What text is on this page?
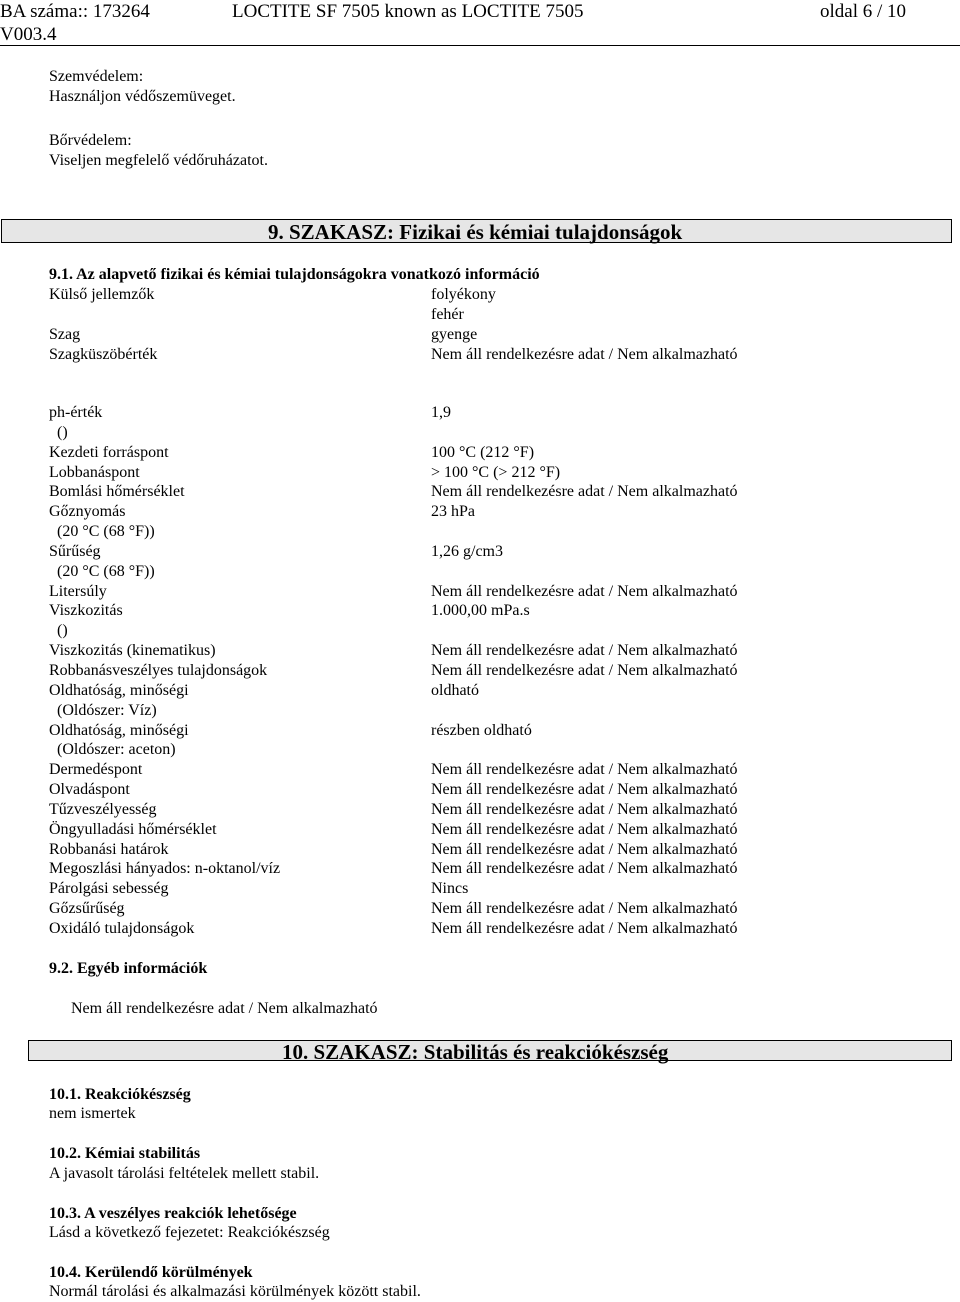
BA száma:: 173264	LOCTITE SF 7505 known as LOCTITE 7505	oldal 6 / 10
V003.4
Szemvédelem:
Használjon védőszemüveget.
Bőrvédelem:
Viseljen megfelelő védőruházatot.
9. SZAKASZ: Fizikai és kémiai tulajdonságok
9.1. Az alapvető fizikai és kémiai tulajdonságokra vonatkozó információ
Külső jellemzők	folyékony
fehér
Szag	gyenge
Szagküszöbérték	Nem áll rendelkezésre adat / Nem alkalmazható
ph-érték	1,9
()
Kezdeti forráspont	100 °C (212 °F)
Lobbanáspont	> 100 °C (> 212 °F)
Bomlási hőmérséklet	Nem áll rendelkezésre adat / Nem alkalmazható
Gőznyomás	23 hPa
(20 °C (68 °F))
Sűrűség	1,26 g/cm3
(20 °C (68 °F))
Litersúly	Nem áll rendelkezésre adat / Nem alkalmazható
Viszkozitás	1.000,00 mPa.s
()
Viszkozitás (kinematikus)	Nem áll rendelkezésre adat / Nem alkalmazható
Robbanásveszélyes tulajdonságok	Nem áll rendelkezésre adat / Nem alkalmazható
Oldhatóság, minőségi	oldható
(Oldószer: Víz)
Oldhatóság, minőségi	részben oldható
(Oldószer: aceton)
Dermedéspont	Nem áll rendelkezésre adat / Nem alkalmazható
Olvadáspont	Nem áll rendelkezésre adat / Nem alkalmazható
Tűzveszélyesség	Nem áll rendelkezésre adat / Nem alkalmazható
Öngyulladási hőmérséklet	Nem áll rendelkezésre adat / Nem alkalmazható
Robbanási határok	Nem áll rendelkezésre adat / Nem alkalmazható
Megoszlási hányados: n-oktanol/víz	Nem áll rendelkezésre adat / Nem alkalmazható
Párolgási sebesség	Nincs
Gőzsűrűség	Nem áll rendelkezésre adat / Nem alkalmazható
Oxidáló tulajdonságok	Nem áll rendelkezésre adat / Nem alkalmazható
9.2. Egyéb információk
Nem áll rendelkezésre adat / Nem alkalmazható
10. SZAKASZ: Stabilitás és reakciókészség
10.1. Reakciókészség
nem ismertek
10.2. Kémiai stabilitás
A javasolt tárolási feltételek mellett stabil.
10.3. A veszélyes reakciók lehetősége
Lásd a következő fejezetet: Reakciókészség
10.4. Kerülendő körülmények
Normál tárolási és alkalmazási körülmények között stabil.
